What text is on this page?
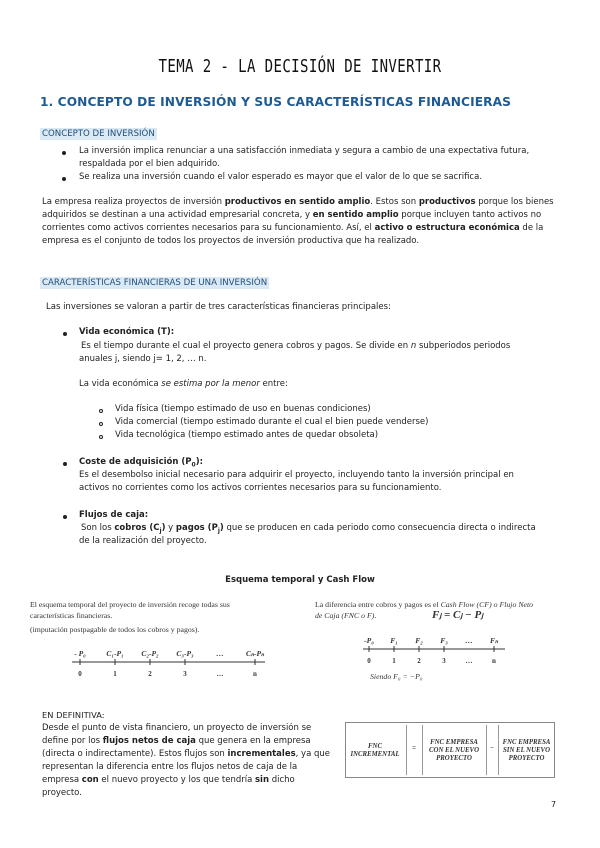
TEMA 2 - LA DECISIÓN DE INVERTIR
1. CONCEPTO DE INVERSIÓN Y SUS CARACTERÍSTICAS FINANCIERAS
CONCEPTO DE INVERSIÓN
La inversión implica renunciar a una satisfacción inmediata y segura a cambio de una expectativa futura,
respaldada por el bien adquirido.
Se realiza una inversión cuando el valor esperado es mayor que el valor de lo que se sacrifica.
La empresa realiza proyectos de inversión productivos en sentido amplio. Estos son productivos porque los bienes
adquiridos se destinan a una actividad empresarial concreta, y en sentido amplio porque incluyen tanto activos no
corrientes como activos corrientes necesarios para su funcionamiento. Así, el activo o estructura económica de la
empresa es el conjunto de todos los proyectos de inversión productiva que ha realizado.
CARACTERÍSTICAS FINANCIERAS DE UNA INVERSIÓN
Las inversiones se valoran a partir de tres características financieras principales:
Vida económica (T):
Es el tiempo durante el cual el proyecto genera cobros y pagos. Se divide en n subperiodos periodos
anuales j, siendo j= 1, 2, … n.
La vida económica se estima por la menor entre:
Vida física (tiempo estimado de uso en buenas condiciones)
Vida comercial (tiempo estimado durante el cual el bien puede venderse)
Vida tecnológica (tiempo estimado antes de quedar obsoleta)
Coste de adquisición $(P_0)$:
Es el desembolso inicial necesario para adquirir el proyecto, incluyendo tanto la inversión principal en
activos no corrientes como los activos corrientes necesarios para su funcionamiento.
Flujos de caja:
Son los cobros $(C_j)$ y pagos $(P_j)$ que se producen en cada periodo como consecuencia directa o indirecta
de la realización del proyecto.
Esquema temporal y Cash Flow
El esquema temporal del proyecto de inversión recoge todas sus
características financieras.
(imputación postpagable de todos los cobros y pagos).
- P₀
0
C₁-P₁
1
C₂-P₂
2
C₃-P₃
3
…
…
Cₙ-Pₙ
n
La diferencia entre cobros y pagos es el Cash Flow (CF) o Flujo Neto
de Caja (FNC o F).	Fⱼ = Cⱼ − Pⱼ
-P₀
0
F₁
1
F₂
2
F₃
3
…
…
Fₙ
n
Siendo F₀ = −P₀
EN DEFINITIVA:
Desde el punto de vista financiero, un proyecto de inversión se
define por los flujos netos de caja que genera en la empresa
(directa o indirectamente). Estos flujos son incrementales, ya que
representan la diferencia entre los flujos netos de caja de la
empresa con el nuevo proyecto y los que tendría sin dicho
proyecto.
FNC INCREMENTAL
=
FNC EMPRESA CON EL NUEVO PROYECTO
−
FNC EMPRESA SIN EL NUEVO PROYECTO
7
